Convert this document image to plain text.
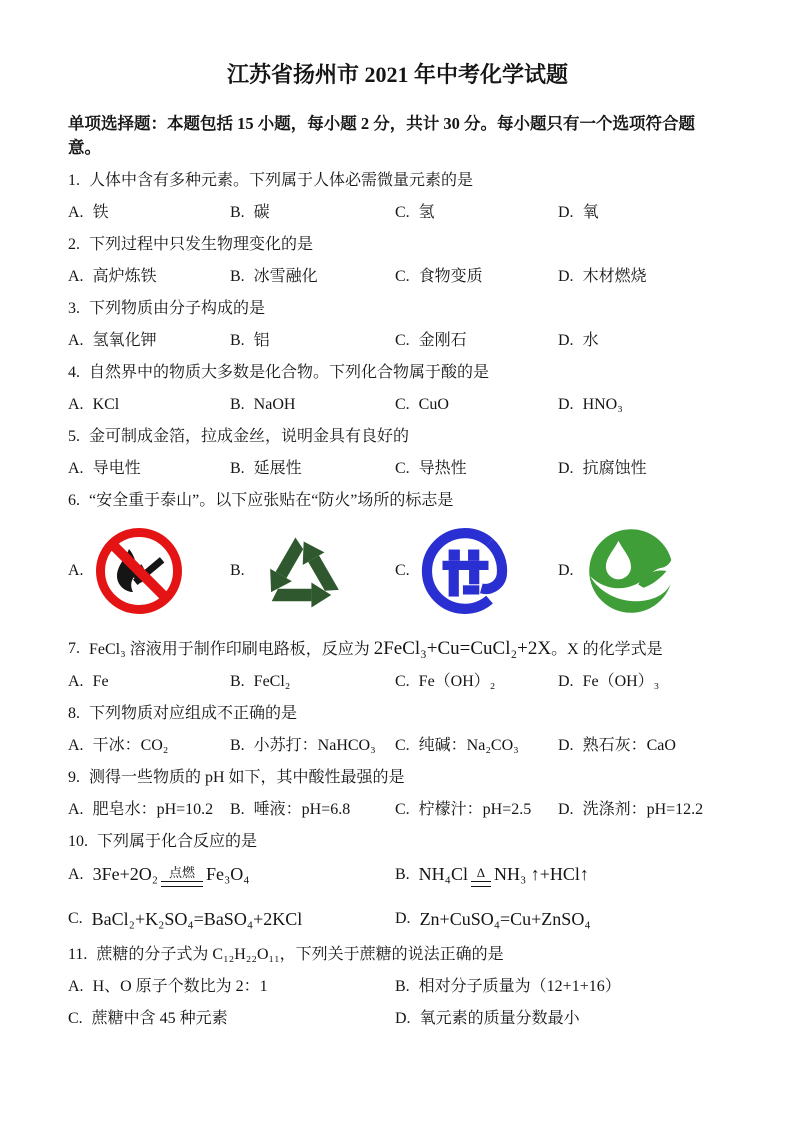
江苏省扬州市 2021 年中考化学试题
单项选择题：本题包括 15 小题，每小题 2 分，共计 30 分。每小题只有一个选项符合题意。
1. 人体中含有多种元素。下列属于人体必需微量元素的是
A. 铁	B. 碳	C. 氢	D. 氧
2. 下列过程中只发生物理变化的是
A. 高炉炼铁	B. 冰雪融化	C. 食物变质	D. 木材燃烧
3. 下列物质由分子构成的是
A. 氢氧化钾	B. 铝	C. 金刚石	D. 水
4. 自然界中的物质大多数是化合物。下列化合物属于酸的是
A. KCl	B. NaOH	C. CuO	D. HNO₃
5. 金可制成金箔，拉成金丝，说明金具有良好的
A. 导电性	B. 延展性	C. 导热性	D. 抗腐蚀性
6. “安全重于泰山”。以下应张贴在“防火”场所的标志是
A.	B.	C.	D.
7. FeCl₃ 溶液用于制作印刷电路板，反应为 2FeCl₃+Cu=CuCl₂+2X。X 的化学式是
A. Fe	B. FeCl₂	C. Fe（OH）₂	D. Fe（OH）₃
8. 下列物质对应组成不正确的是
A. 干冰：CO₂	B. 小苏打：NaHCO₃ C. 纯碱：Na₂CO₃ D. 熟石灰：CaO
9. 测得一些物质的 pH 如下，其中酸性最强的是
A. 肥皂水：pH=10.2 B. 唾液：pH=6.8	C. 柠檬汁：pH=2.5 D. 洗涤剂：pH=12.2
10. 下列属于化合反应的是
A. 3Fe+2O₂ 点燃 Fe₃O₄	B. NH₄Cl Δ NH₃ ↑+HCl↑
C. BaCl₂+K₂SO₄=BaSO₄+2KCl	D. Zn+CuSO₄=Cu+ZnSO₄
11. 蔗糖的分子式为 C₁₂H₂₂O₁₁，下列关于蔗糖的说法正确的是
A. H、O 原子个数比为 2：1	B. 相对分子质量为（12+1+16）
C. 蔗糖中含 45 种元素	D. 氧元素的质量分数最小
